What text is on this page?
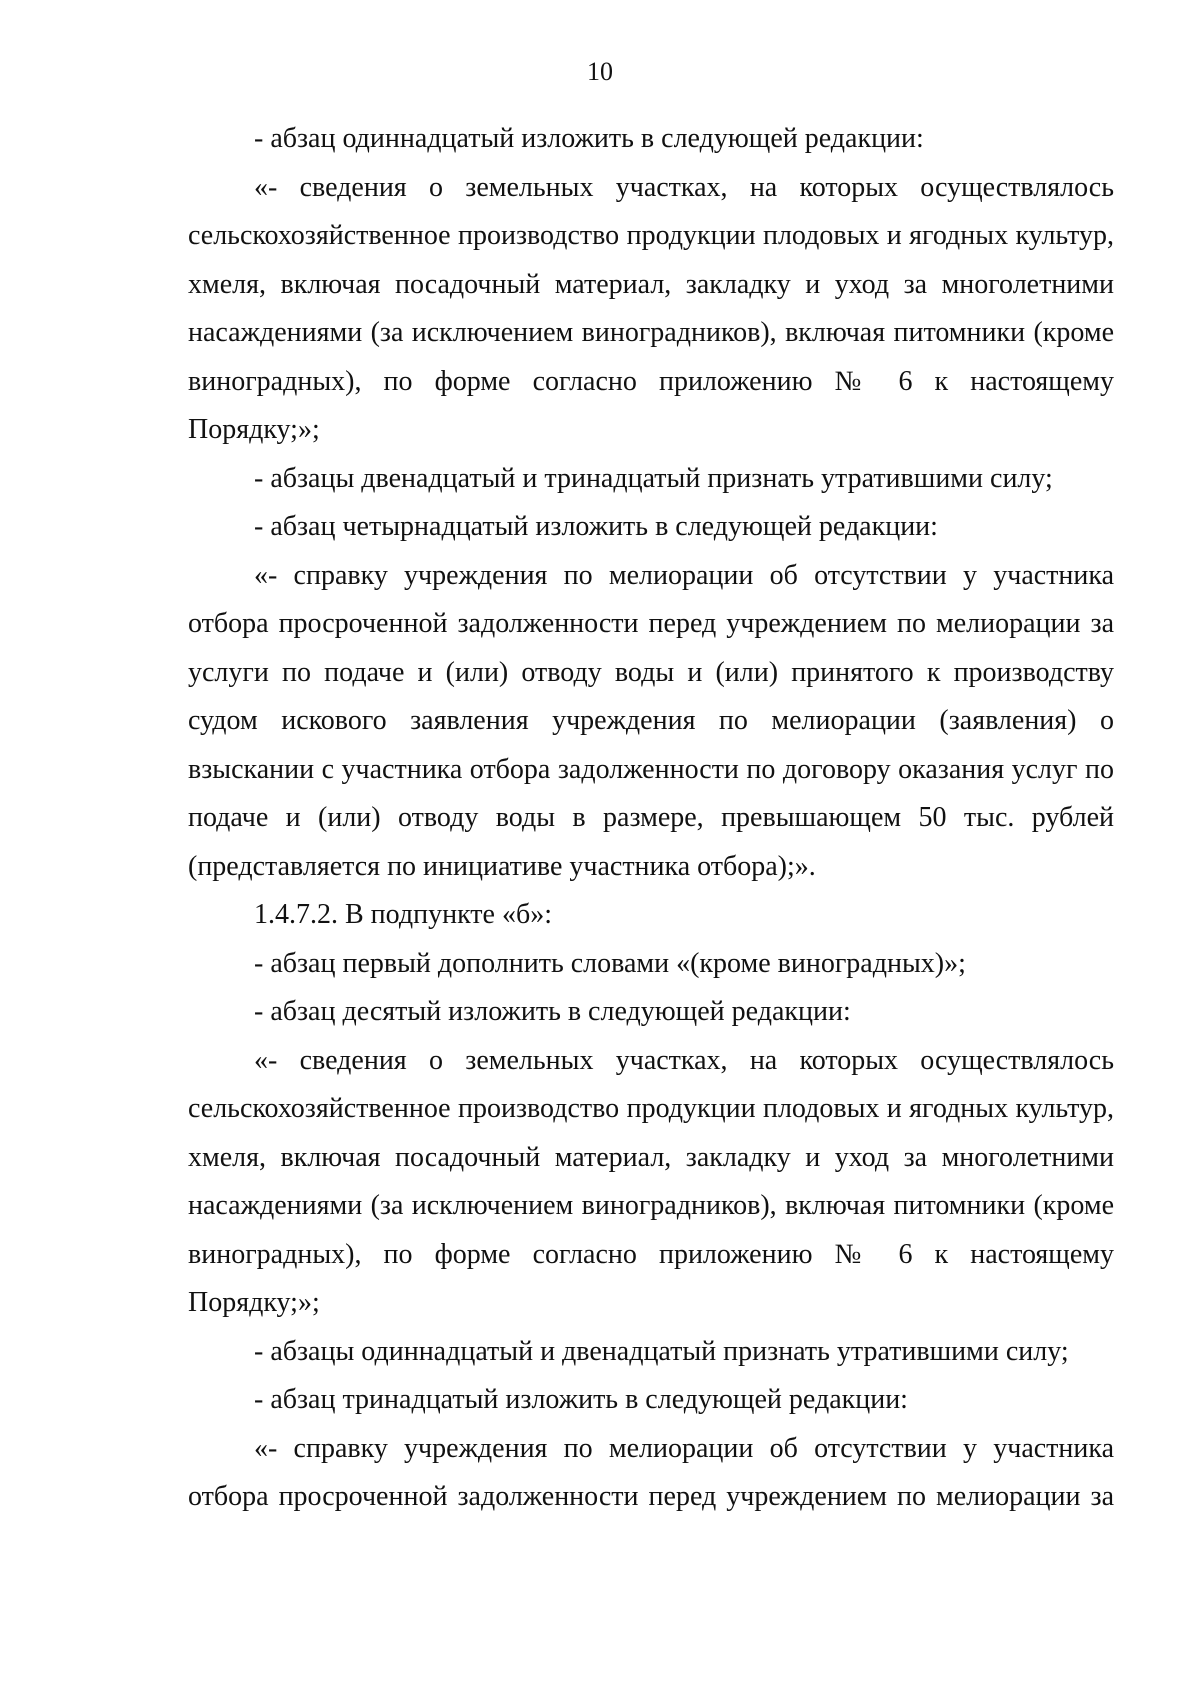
10

- абзац одиннадцатый изложить в следующей редакции:

«- сведения о земельных участках, на которых осуществлялось сельскохозяйственное производство продукции плодовых и ягодных культур, хмеля, включая посадочный материал, закладку и уход за многолетними насаждениями (за исключением виноградников), включая питомники (кроме виноградных), по форме согласно приложению № 6 к настоящему Порядку;»;

- абзацы двенадцатый и тринадцатый признать утратившими силу;

- абзац четырнадцатый изложить в следующей редакции:

«- справку учреждения по мелиорации об отсутствии у участника отбора просроченной задолженности перед учреждением по мелиорации за услуги по подаче и (или) отводу воды и (или) принятого к производству судом искового заявления учреждения по мелиорации (заявления) о взыскании с участника отбора задолженности по договору оказания услуг по подаче и (или) отводу воды в размере, превышающем 50 тыс. рублей (представляется по инициативе участника отбора);».

1.4.7.2. В подпункте «б»:

- абзац первый дополнить словами «(кроме виноградных)»;

- абзац десятый изложить в следующей редакции:

«- сведения о земельных участках, на которых осуществлялось сельскохозяйственное производство продукции плодовых и ягодных культур, хмеля, включая посадочный материал, закладку и уход за многолетними насаждениями (за исключением виноградников), включая питомники (кроме виноградных), по форме согласно приложению № 6 к настоящему Порядку;»;

- абзацы одиннадцатый и двенадцатый признать утратившими силу;

- абзац тринадцатый изложить в следующей редакции:

«- справку учреждения по мелиорации об отсутствии у участника отбора просроченной задолженности перед учреждением по мелиорации за
